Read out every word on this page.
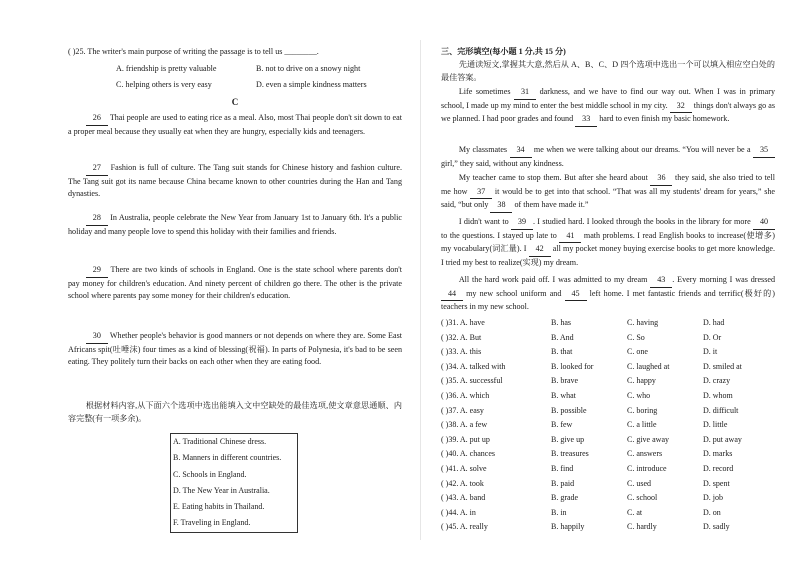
( )25. The writer's main purpose of writing the passage is to tell us ________.

A. friendship is pretty valuable	B. not to drive on a snowy night
C. helping others is very easy	D. even a simple kindness matters
C

26 Thai people are used to eating rice as a meal. Also, most Thai people don't sit down to eat a proper meal because they usually eat when they are hungry, especially kids and teenagers.

27 Fashion is full of culture. The Tang suit stands for Chinese history and fashion culture. The Tang suit got its name because China became known to other countries during the Han and Tang dynasties.

28 In Australia, people celebrate the New Year from January 1st to January 6th. It's a public holiday and many people love to spend this holiday with their families and friends.

29 There are two kinds of schools in England. One is the state school where parents don't pay money for children's education. And ninety percent of children go there. The other is the private school where parents pay some money for their children's education.

30 Whether people's behavior is good manners or not depends on where they are. Some East Africans spit(吐唾沫) four times as a kind of blessing(祝福). In parts of Polynesia, it's bad to be seen eating. They politely turn their backs on each other when they are eating food.

根据材料内容,从下面六个选项中选出能填入文中空缺处的最佳选项,使文章意思通顺、内容完整(有一项多余)。

A. Traditional Chinese dress.
B. Manners in different countries.
C. Schools in England.
D. The New Year in Australia.
E. Eating habits in Thailand.
F. Traveling in England.

三、完形填空(每小题 1 分,共 15 分)

先通读短文,掌握其大意,然后从 A、B、C、D 四个选项中选出一个可以填入相应空白处的最佳答案。

Life sometimes 31 darkness, and we have to find our way out. When I was in primary school, I made up my mind to enter the best middle school in my city. 32 things don't always go as we planned. I had poor grades and found 33 hard to even finish my basic homework.

My classmates 34 me when we were talking about our dreams. “You will never be a 35 girl,” they said, without any kindness.

My teacher came to stop them. But after she heard about 36 they said, she also tried to tell me how 37 it would be to get into that school. “That was all my students' dream for years,” she said, “but only 38 of them have made it.”

I didn't want to 39 . I studied hard. I looked through the books in the library for more 40 to the questions. I stayed up late to 41 math problems. I read English books to increase(使增多) my vocabulary(词汇量). I 42 all my pocket money buying exercise books to get more knowledge. I tried my best to realize(实现) my dream.

All the hard work paid off. I was admitted to my dream 43 . Every morning I was dressed 44 my new school uniform and 45 left home. I met fantastic friends and terrific(极好的) teachers in my new school.

( )31. A. have	B. has	C. having	D. had
( )32. A. But	B. And	C. So	D. Or
( )33. A. this	B. that	C. one	D. it
( )34. A. talked with	B. looked for	C. laughed at	D. smiled at
( )35. A. successful	B. brave	C. happy	D. crazy
( )36. A. which	B. what	C. who	D. whom
( )37. A. easy	B. possible	C. boring	D. difficult
( )38. A. a few	B. few	C. a little	D. little
( )39. A. put up	B. give up	C. give away	D. put away
( )40. A. chances	B. treasures	C. answers	D. marks
( )41. A. solve	B. find	C. introduce	D. record
( )42. A. took	B. paid	C. used	D. spent
( )43. A. band	B. grade	C. school	D. job
( )44. A. in	B. in	C. at	D. on
( )45. A. really	B. happily	C. hardly	D. sadly
